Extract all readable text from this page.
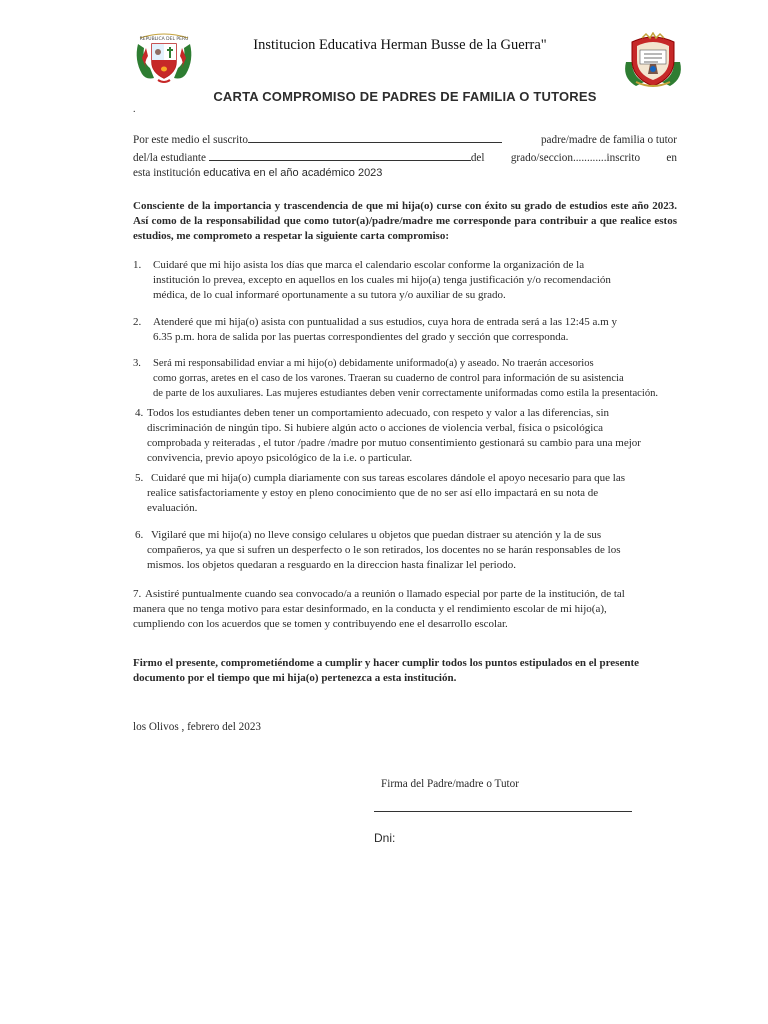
REPUBLICA DEL PERU	Institucion Educativa Herman Busse de la Guerra"
CARTA COMPROMISO DE PADRES DE FAMILIA O TUTORES
.
Por este medio el suscrito	padre/madre de familia o tutor
del/la estudiante	del grado/seccion............inscrito en
esta institución educativa en el año académico 2023
Consciente de la importancia y trascendencia de que mi hija(o) curse con éxito su grado de estudios este año 2023. Así como de la responsabilidad que como tutor(a)/padre/madre me corresponde para contribuir a que realice estos estudios, me comprometo a respetar la siguiente carta compromiso:
1. Cuidaré que mi hijo asista los días que marca el calendario escolar conforme la organización de la
institución lo prevea, excepto en aquellos en los cuales mi hijo(a) tenga justificación y/o recomendación
médica, de lo cual informaré oportunamente a su tutora y/o auxiliar de su grado.
2. Atenderé que mi hija(o) asista con puntualidad a sus estudios, cuya hora de entrada será a las 12:45 a.m y
6.35 p.m. hora de salida por las puertas correspondientes del grado y sección que corresponda.
3. Será mi responsabilidad enviar a mi hijo(o) debidamente uniformado(a) y aseado. No traerán accesorios
como gorras, aretes en el caso de los varones. Traeran su cuaderno de control para información de su asistencia
de parte de los auxuliares. Las mujeres estudiantes deben venir correctamente uniformadas como estila la presentación.
4. Todos los estudiantes deben tener un comportamiento adecuado, con respeto y valor a las diferencias, sin
discriminación de ningún tipo. Si hubiere algún acto o acciones de violencia verbal, física o psicológica
comprobada y reiteradas , el tutor /padre /madre por mutuo consentimiento gestionará su cambio para una mejor
convivencia, previo apoyo psicológico de la i.e. o particular.
5. Cuidaré que mi hija(o) cumpla diariamente con sus tareas escolares dándole el apoyo necesario para que las
realice satisfactoriamente y estoy en pleno conocimiento que de no ser así ello impactará en su nota de
evaluación.
6. Vigilaré que mi hijo(a) no lleve consigo celulares u objetos que puedan distraer su atención y la de sus
compañeros, ya que si sufren un desperfecto o le son retirados, los docentes no se harán responsables de los
mismos. los objetos quedaran a resguardo en la direccion hasta finalizar lel periodo.
7. Asistiré puntualmente cuando sea convocado/a a reunión o llamado especial por parte de la institución, de tal
manera que no tenga motivo para estar desinformado, en la conducta y el rendimiento escolar de mi hijo(a),
cumpliendo con los acuerdos que se tomen y contribuyendo ene el desarrollo escolar.
Firmo el presente, comprometiéndome a cumplir y hacer cumplir todos los puntos estipulados en el presente documento por el tiempo que mi hija(o) pertenezca a esta institución.
los Olivos , febrero del 2023
Firma del Padre/madre o Tutor
Dni:
